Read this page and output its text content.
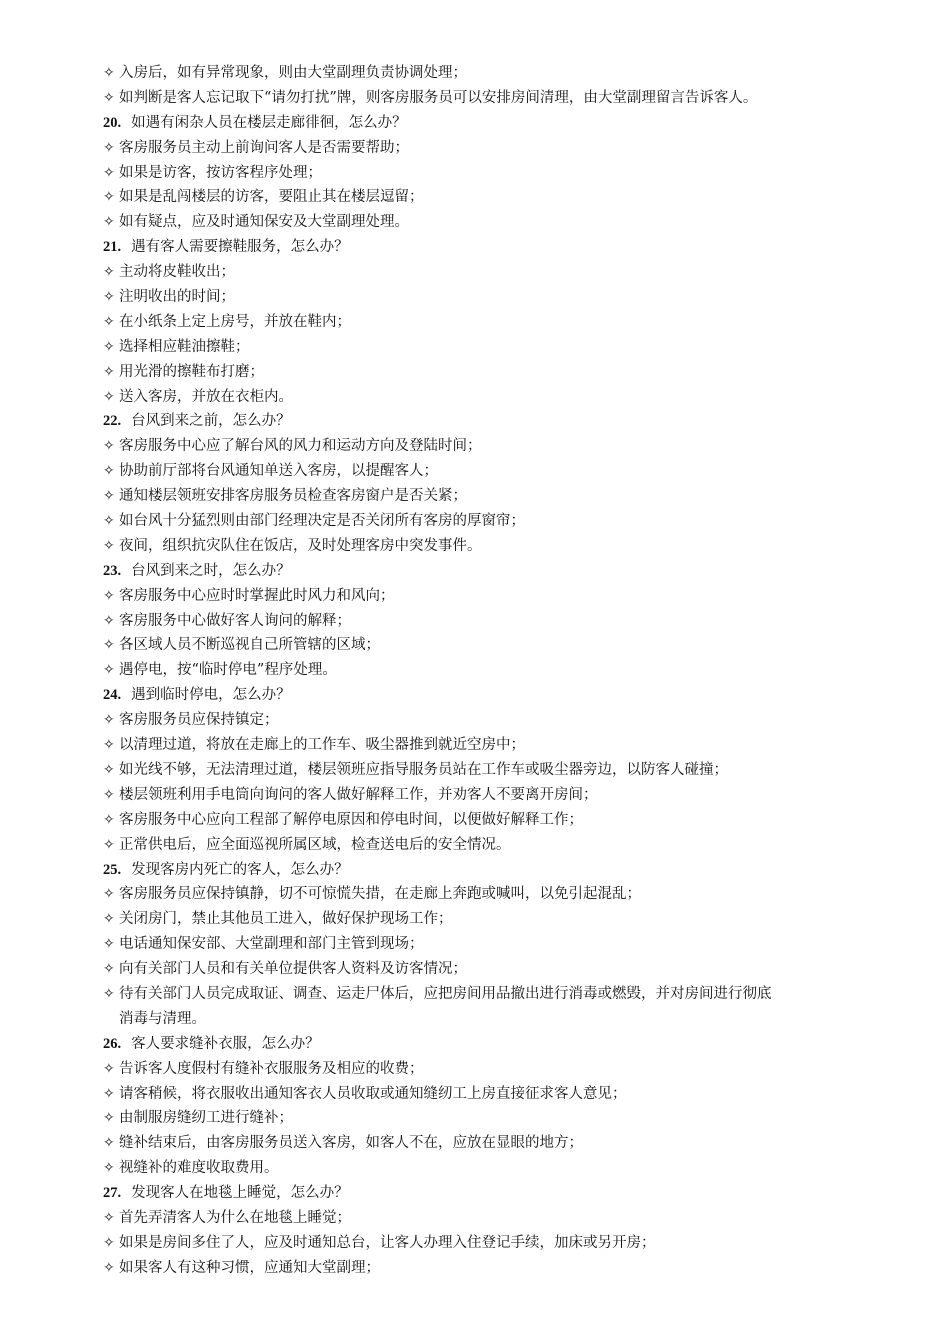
✧ 入房后，如有异常现象，则由大堂副理负责协调处理；
✧ 如判断是客人忘记取下“请勿打扰”牌，则客房服务员可以安排房间清理，由大堂副理留言告诉客人。
20. 如遇有闲杂人员在楼层走廊徘徊，怎么办？
✧ 客房服务员主动上前询问客人是否需要帮助；
✧ 如果是访客，按访客程序处理；
✧ 如果是乱闯楼层的访客，要阻止其在楼层逗留；
✧ 如有疑点，应及时通知保安及大堂副理处理。
21. 遇有客人需要擦鞋服务，怎么办？
✧ 主动将皮鞋收出；
✧ 注明收出的时间；
✧ 在小纸条上定上房号，并放在鞋内；
✧ 选择相应鞋油擦鞋；
✧ 用光滑的擦鞋布打磨；
✧ 送入客房，并放在衣柜内。
22. 台风到来之前，怎么办？
✧ 客房服务中心应了解台风的风力和运动方向及登陆时间；
✧ 协助前厅部将台风通知单送入客房，以提醒客人；
✧ 通知楼层领班安排客房服务员检查客房窗户是否关紧；
✧ 如台风十分猛烈则由部门经理决定是否关闭所有客房的厚窗帘；
✧ 夜间，组织抗灾队住在饭店，及时处理客房中突发事件。
23. 台风到来之时，怎么办？
✧ 客房服务中心应时时掌握此时风力和风向；
✧ 客房服务中心做好客人询问的解释；
✧ 各区域人员不断巡视自己所管辖的区域；
✧ 遇停电，按“临时停电”程序处理。
24. 遇到临时停电，怎么办？
✧ 客房服务员应保持镇定；
✧ 以清理过道，将放在走廊上的工作车、吸尘器推到就近空房中；
✧ 如光线不够，无法清理过道，楼层领班应指导服务员站在工作车或吸尘器旁边，以防客人碰撞；
✧ 楼层领班利用手电筒向询问的客人做好解释工作，并劝客人不要离开房间；
✧ 客房服务中心应向工程部了解停电原因和停电时间，以便做好解释工作；
✧ 正常供电后，应全面巡视所属区域，检查送电后的安全情况。
25. 发现客房内死亡的客人，怎么办？
✧ 客房服务员应保持镇静，切不可惊慌失措，在走廊上奔跑或喊叫，以免引起混乱；
✧ 关闭房门，禁止其他员工进入，做好保护现场工作；
✧ 电话通知保安部、大堂副理和部门主管到现场；
✧ 向有关部门人员和有关单位提供客人资料及访客情况；
✧ 待有关部门人员完成取证、调查、运走尸体后，应把房间用品撤出进行消毒或燃毁，并对房间进行彻底
消毒与清理。
26. 客人要求缝补衣服，怎么办？
✧ 告诉客人度假村有缝补衣服服务及相应的收费；
✧ 请客稍候，将衣服收出通知客衣人员收取或通知缝纫工上房直接征求客人意见；
✧ 由制服房缝纫工进行缝补；
✧ 缝补结束后，由客房服务员送入客房，如客人不在，应放在显眼的地方；
✧ 视缝补的难度收取费用。
27. 发现客人在地毯上睡觉，怎么办？
✧ 首先弄清客人为什么在地毯上睡觉；
✧ 如果是房间多住了人，应及时通知总台，让客人办理入住登记手续，加床或另开房；
✧ 如果客人有这种习惯，应通知大堂副理；
